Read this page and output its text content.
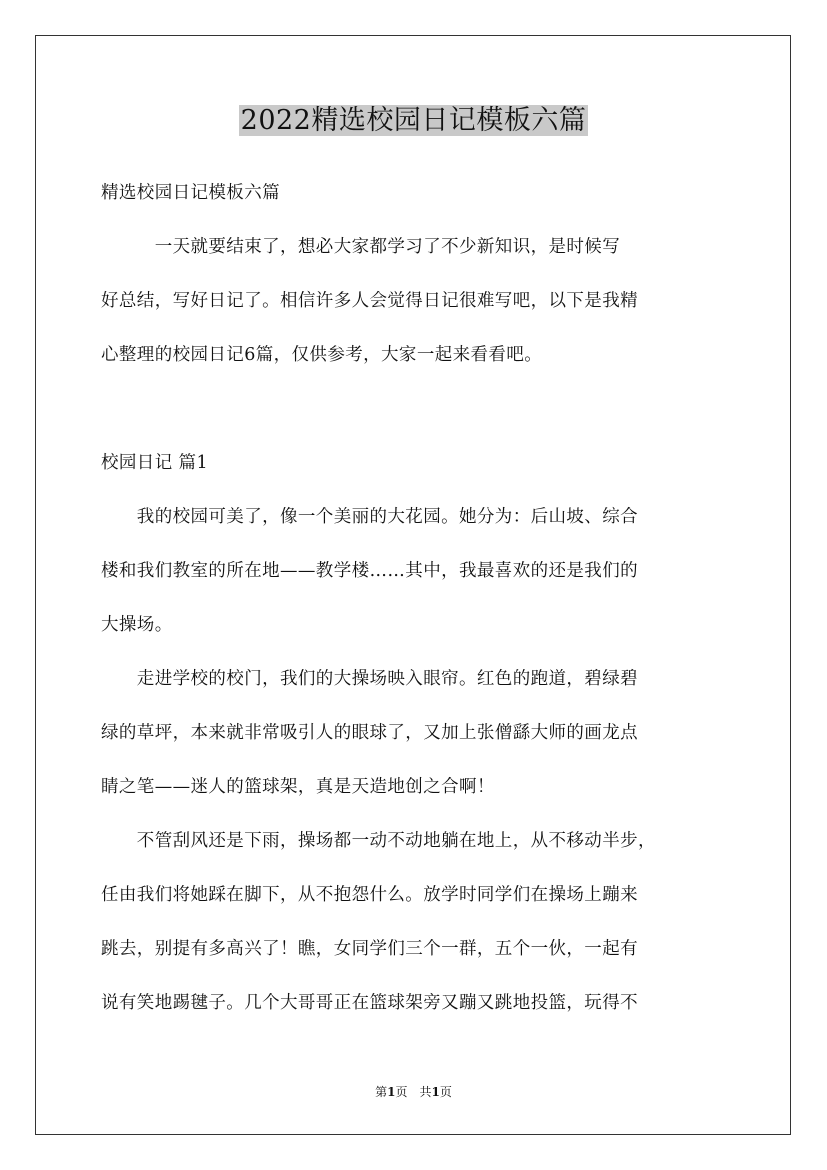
2022精选校园日记模板六篇
精选校园日记模板六篇
　　　一天就要结束了，想必大家都学习了不少新知识，是时候写
好总结，写好日记了。相信许多人会觉得日记很难写吧，以下是我精
心整理的校园日记6篇，仅供参考，大家一起来看看吧。
校园日记 篇1
　　我的校园可美了，像一个美丽的大花园。她分为：后山坡、综合
楼和我们教室的所在地——教学楼……其中，我最喜欢的还是我们的
大操场。
　　走进学校的校门，我们的大操场映入眼帘。红色的跑道，碧绿碧
绿的草坪，本来就非常吸引人的眼球了，又加上张僧繇大师的画龙点
睛之笔——迷人的篮球架，真是天造地创之合啊！
　　不管刮风还是下雨，操场都一动不动地躺在地上，从不移动半步，
任由我们将她踩在脚下，从不抱怨什么。放学时同学们在操场上蹦来
跳去，别提有多高兴了！瞧，女同学们三个一群，五个一伙，一起有
说有笑地踢毽子。几个大哥哥正在篮球架旁又蹦又跳地投篮，玩得不
第1页　共1页
